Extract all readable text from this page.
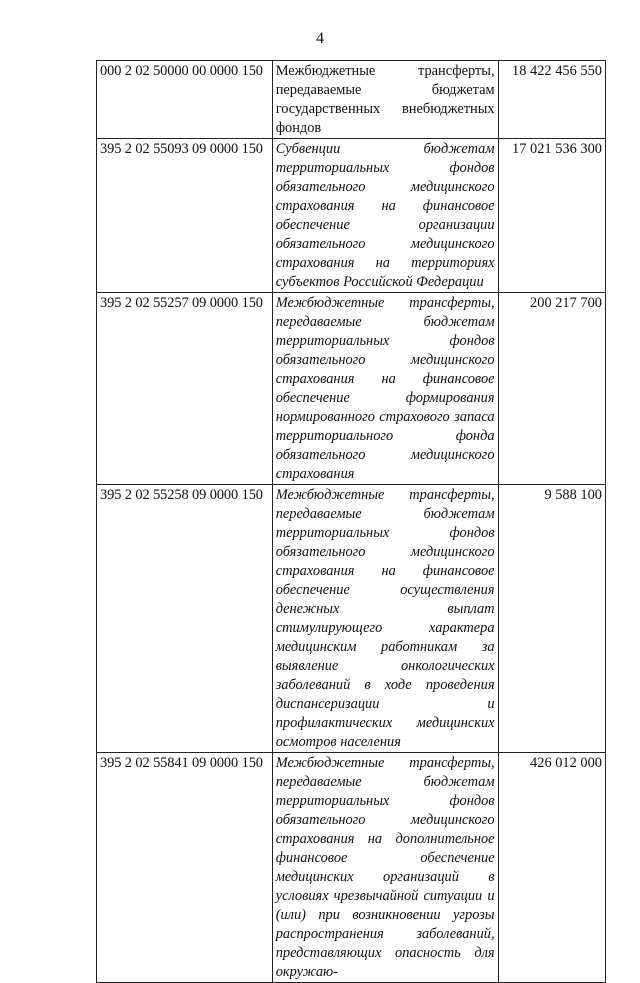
4
000 2 02 50000 00 0000 150	Межбюджетные трансферты, передаваемые бюджетам государственных внебюджетных фондов	18 422 456 550
395 2 02 55093 09 0000 150	Субвенции бюджетам территориальных фондов обязательного медицинского страхования на финансовое обеспечение организации обязательного медицинского страхования на территориях субъектов Российской Федерации	17 021 536 300
395 2 02 55257 09 0000 150	Межбюджетные трансферты, передаваемые бюджетам территориальных фондов обязательного медицинского страхования на финансовое обеспечение формирования нормированного страхового запаса территориального фонда обязательного медицинского страхования	200 217 700
395 2 02 55258 09 0000 150	Межбюджетные трансферты, передаваемые бюджетам территориальных фондов обязательного медицинского страхования на финансовое обеспечение осуществления денежных выплат стимулирующего характера медицинским работникам за выявление онкологических заболеваний в ходе проведения диспансеризации и профилактических медицинских осмотров населения	9 588 100
395 2 02 55841 09 0000 150	Межбюджетные трансферты, передаваемые бюджетам территориальных фондов обязательного медицинского страхования на дополнительное финансовое обеспечение медицинских организаций в условиях чрезвычайной ситуации и (или) при возникновении угрозы распространения заболеваний, представляющих опасность для окружаю-	426 012 000
